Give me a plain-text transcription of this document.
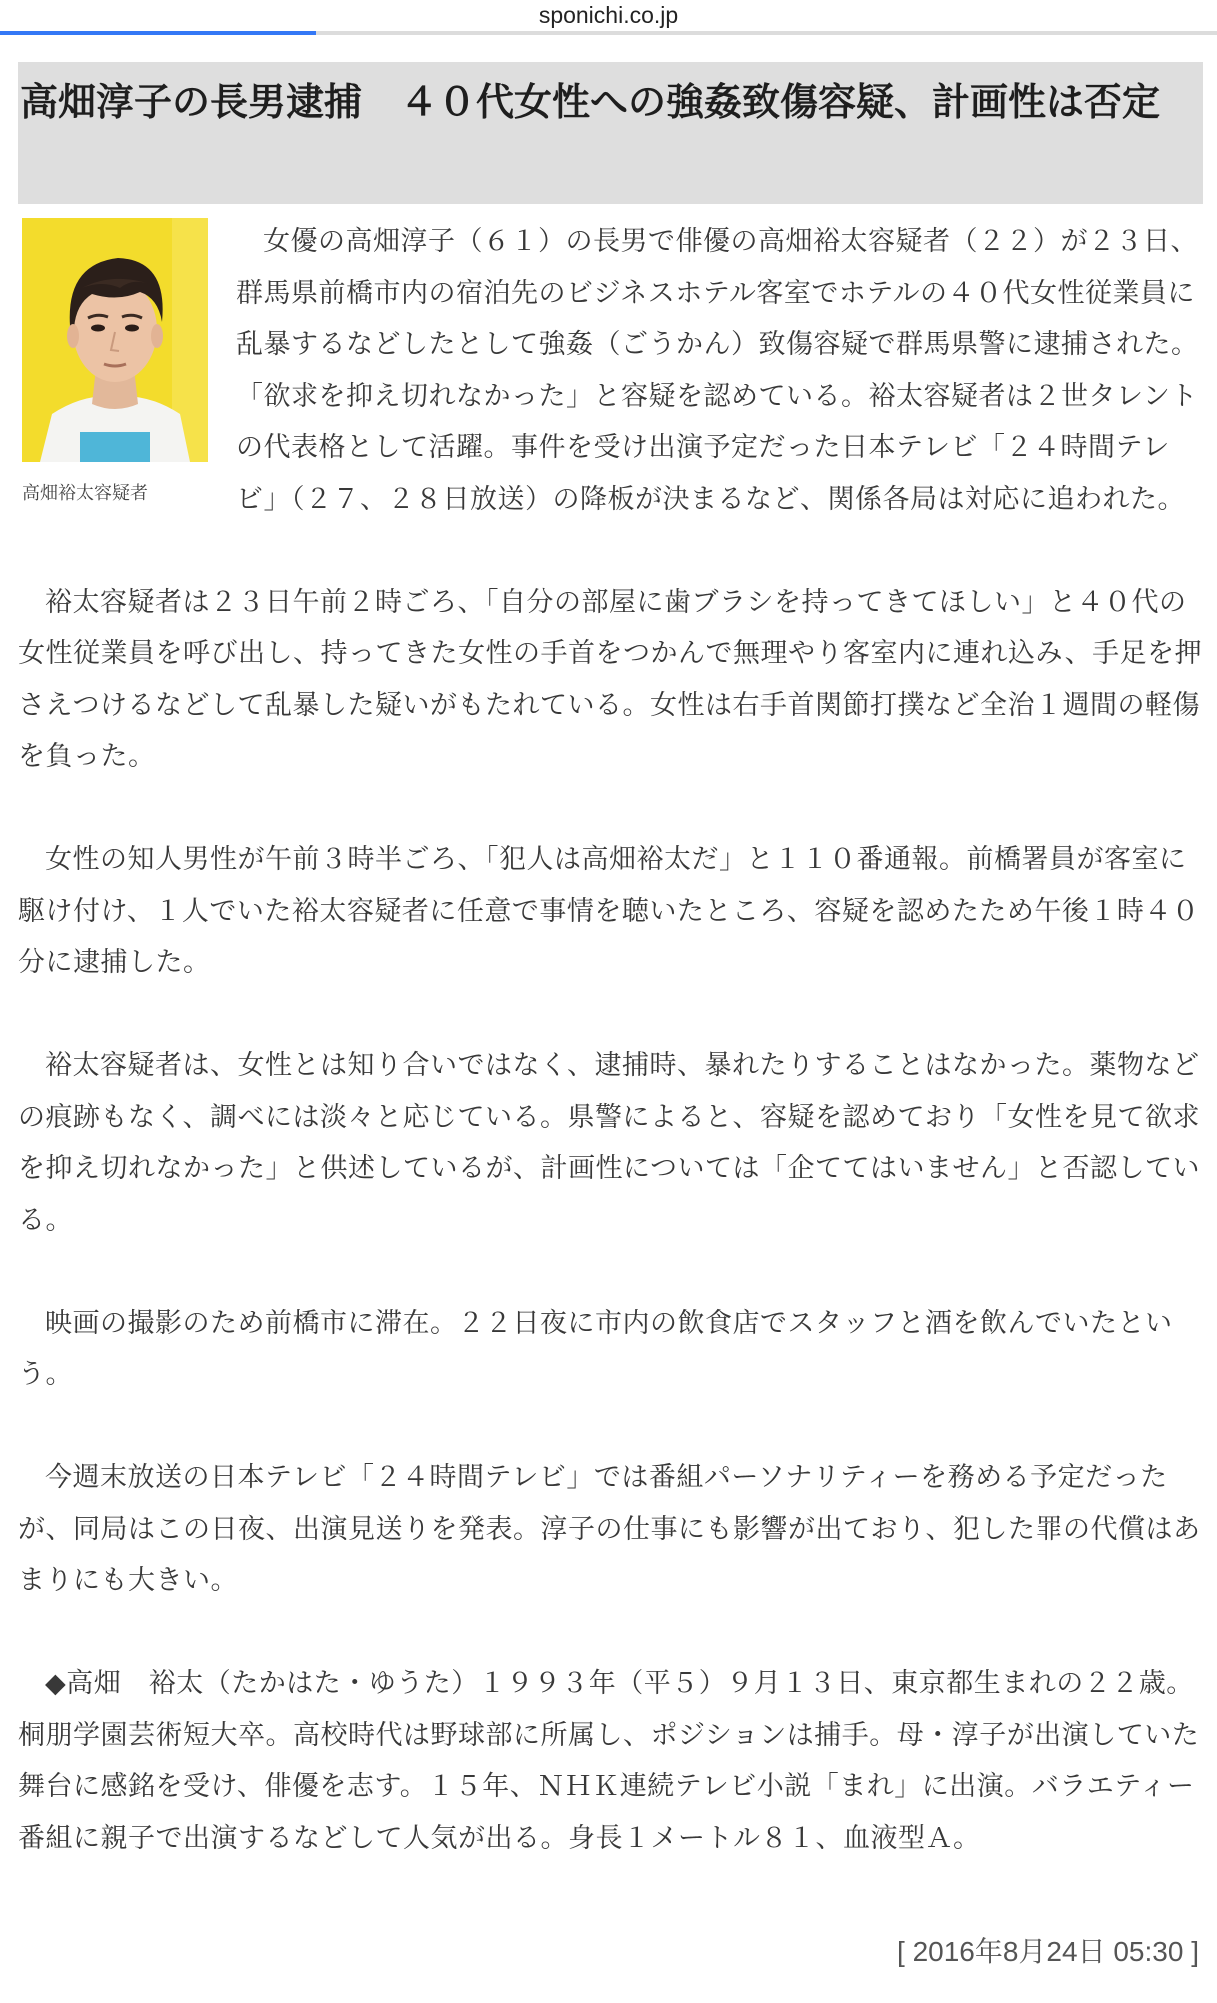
sponichi.co.jp
高畑淳子の長男逮捕　４０代女性への強姦致傷容疑、計画性は否定
高畑裕太容疑者

女優の高畑淳子（６１）の長男で俳優の高畑裕太容疑者（２２）が２３日、群馬県前橋市内の宿泊先のビジネスホテル客室でホテルの４０代女性従業員に乱暴するなどしたとして強姦（ごうかん）致傷容疑で群馬県警に逮捕された。「欲求を抑え切れなかった」と容疑を認めている。裕太容疑者は２世タレントの代表格として活躍。事件を受け出演予定だった日本テレビ「２４時間テレビ」（２７、２８日放送）の降板が決まるなど、関係各局は対応に追われた。

裕太容疑者は２３日午前２時ごろ、「自分の部屋に歯ブラシを持ってきてほしい」と４０代の女性従業員を呼び出し、持ってきた女性の手首をつかんで無理やり客室内に連れ込み、手足を押さえつけるなどして乱暴した疑いがもたれている。女性は右手首関節打撲など全治１週間の軽傷を負った。

女性の知人男性が午前３時半ごろ、「犯人は高畑裕太だ」と１１０番通報。前橋署員が客室に駆け付け、１人でいた裕太容疑者に任意で事情を聴いたところ、容疑を認めたため午後１時４０分に逮捕した。

裕太容疑者は、女性とは知り合いではなく、逮捕時、暴れたりすることはなかった。薬物などの痕跡もなく、調べには淡々と応じている。県警によると、容疑を認めており「女性を見て欲求を抑え切れなかった」と供述しているが、計画性については「企ててはいません」と否認している。

映画の撮影のため前橋市に滞在。２２日夜に市内の飲食店でスタッフと酒を飲んでいたという。

今週末放送の日本テレビ「２４時間テレビ」では番組パーソナリティーを務める予定だったが、同局はこの日夜、出演見送りを発表。淳子の仕事にも影響が出ており、犯した罪の代償はあまりにも大きい。

◆高畑　裕太（たかはた・ゆうた）１９９３年（平５）９月１３日、東京都生まれの２２歳。桐朋学園芸術短大卒。高校時代は野球部に所属し、ポジションは捕手。母・淳子が出演していた舞台に感銘を受け、俳優を志す。１５年、ＮＨＫ連続テレビ小説「まれ」に出演。バラエティー番組に親子で出演するなどして人気が出る。身長１メートル８１、血液型Ａ。

[ 2016年8月24日 05:30 ]
